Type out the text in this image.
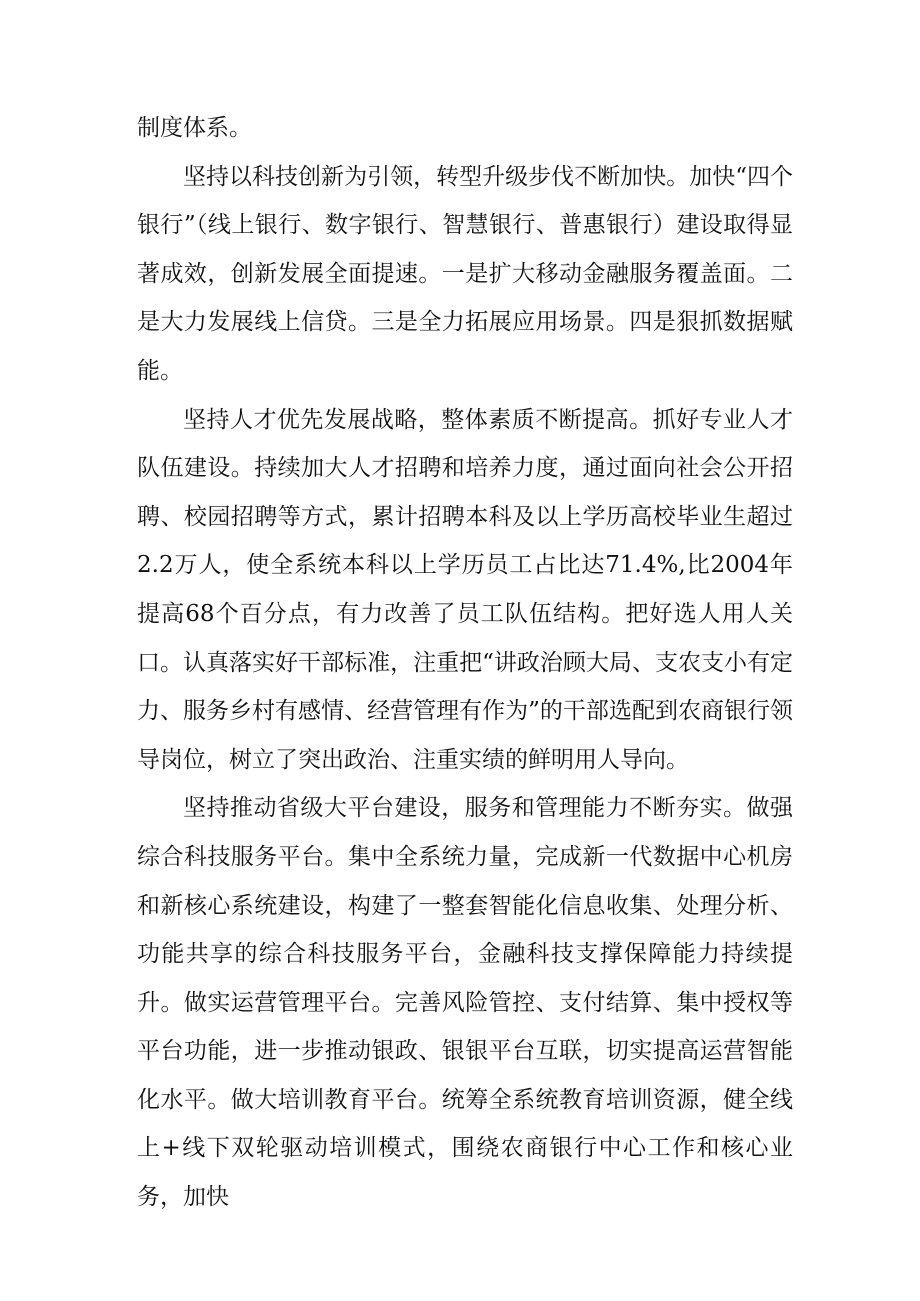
制度体系。

坚持以科技创新为引领，转型升级步伐不断加快。加快“四个银行”（线上银行、数字银行、智慧银行、普惠银行）建设取得显著成效，创新发展全面提速。一是扩大移动金融服务覆盖面。二是大力发展线上信贷。三是全力拓展应用场景。四是狠抓数据赋能。

坚持人才优先发展战略，整体素质不断提高。抓好专业人才队伍建设。持续加大人才招聘和培养力度，通过面向社会公开招聘、校园招聘等方式，累计招聘本科及以上学历高校毕业生超过2.2万人，使全系统本科以上学历员工占比达71.4%,比2004年提高68个百分点，有力改善了员工队伍结构。把好选人用人关口。认真落实好干部标准，注重把“讲政治顾大局、支农支小有定力、服务乡村有感情、经营管理有作为”的干部选配到农商银行领导岗位，树立了突出政治、注重实绩的鲜明用人导向。

坚持推动省级大平台建设，服务和管理能力不断夯实。做强综合科技服务平台。集中全系统力量，完成新一代数据中心机房和新核心系统建设，构建了一整套智能化信息收集、处理分析、功能共享的综合科技服务平台，金融科技支撑保障能力持续提升。做实运营管理平台。完善风险管控、支付结算、集中授权等平台功能，进一步推动银政、银银平台互联，切实提高运营智能化水平。做大培训教育平台。统筹全系统教育培训资源，健全线上+线下双轮驱动培训模式，围绕农商银行中心工作和核心业务，加快
